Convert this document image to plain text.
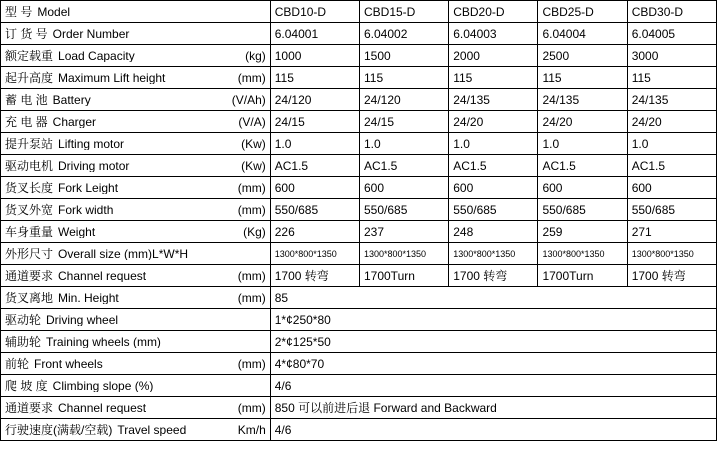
型 号 Model	CBD10-D	CBD15-D	CBD20-D	CBD25-D	CBD30-D

订 货 号 Order Number	6.04001	6.04002	6.04003	6.04004	6.04005

额定载重 Load Capacity (kg)	1000	1500	2000	2500	3000

起升高度 Maximum Lift height (mm)	115	115	115	115	115

蓄 电 池 Battery (V/Ah)	24/120	24/120	24/135	24/135	24/135

充 电 器 Charger (V/A)	24/15	24/15	24/20	24/20	24/20

提升泵站 Lifting motor (Kw)	1.0	1.0	1.0	1.0	1.0

驱动电机 Driving motor (Kw)	AC1.5	AC1.5	AC1.5	AC1.5	AC1.5

货叉长度 Fork Leight (mm)	600	600	600	600	600

货叉外宽 Fork width (mm)	550/685	550/685	550/685	550/685	550/685

车身重量 Weight (Kg)	226	237	248	259	271

外形尺寸 Overall size (mm)L*W*H	1300*800*1350	1300*800*1350	1300*800*1350	1300*800*1350	1300*800*1350

通道要求 Channel request (mm)	1700 转弯	1700Turn	1700 转弯	1700Turn	1700 转弯

货叉离地 Min. Height (mm)	85				

驱动轮 Driving wheel	1*¢250*80				

辅助轮 Training wheels (mm)	2*¢125*50				

前轮 Front wheels (mm)	4*¢80*70				

爬 坡 度 Climbing slope (%)	4/6				

通道要求 Channel request (mm)	850 可以前进后退 Forward and Backward				

行驶速度(满载/空载) Travel speed Km/h	4/6				
